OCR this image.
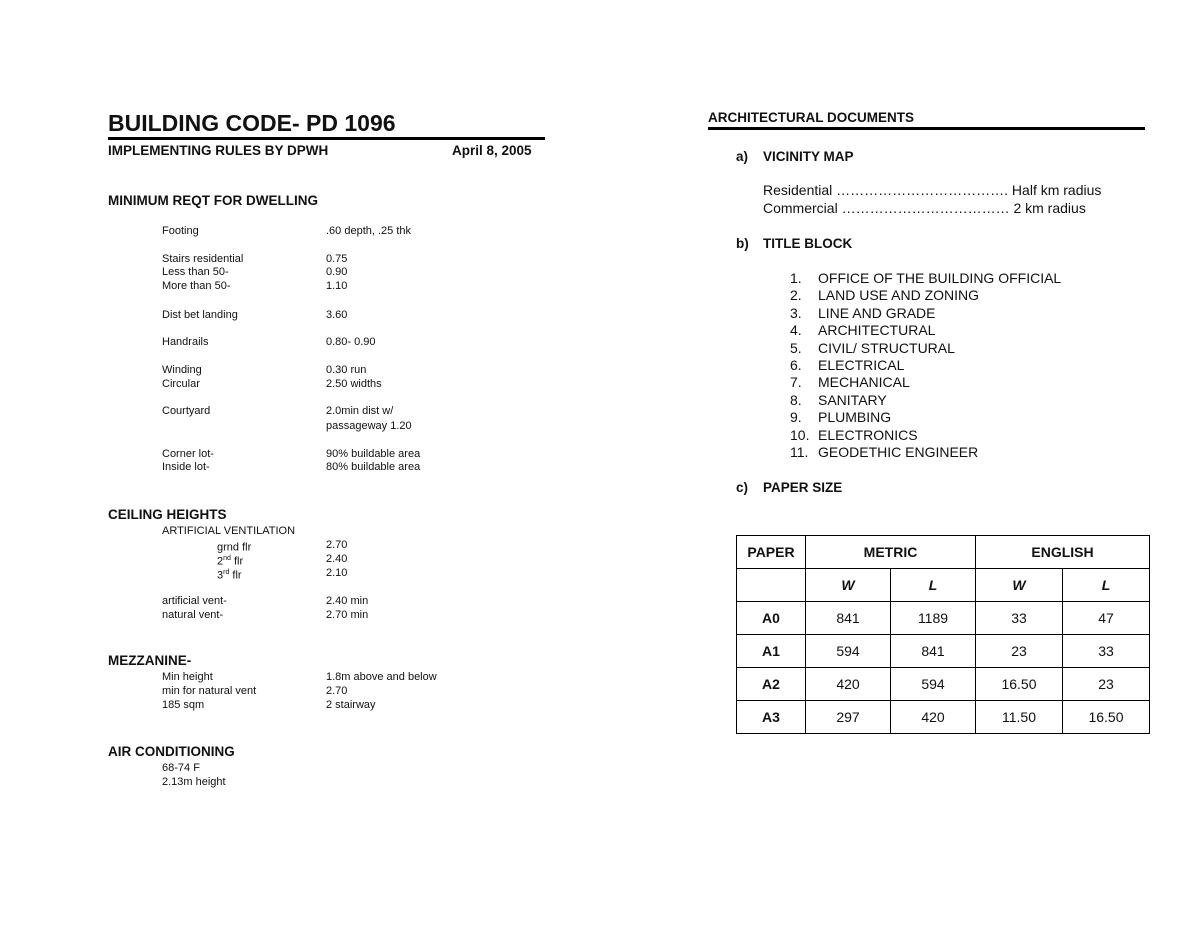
BUILDING CODE- PD 1096
IMPLEMENTING RULES BY DPWH	April 8, 2005
MINIMUM REQT FOR DWELLING
Footing	.60 depth, .25 thk
Stairs residential	0.75
Less than 50-	0.90
More than 50-	1.10
Dist bet landing	3.60
Handrails	0.80- 0.90
Winding	0.30 run
Circular	2.50 widths
Courtyard	2.0min dist w/
passageway 1.20
Corner lot-	90% buildable area
Inside lot-	80% buildable area
CEILING HEIGHTS
ARTIFICIAL VENTILATION
grnd flr	2.70
2nd flr	2.40
3rd flr	2.10
artificial vent-	2.40 min
natural vent-	2.70 min
MEZZANINE-
Min height	1.8m above and below
min for natural vent	2.70
185 sqm	2 stairway
AIR CONDITIONING
68-74 F
2.13m height
ARCHITECTURAL DOCUMENTS
a) VICINITY MAP
Residential ………………………………. Half km radius
Commercial ……………………………… 2 km radius
b) TITLE BLOCK
1. OFFICE OF THE BUILDING OFFICIAL
2. LAND USE AND ZONING
3. LINE AND GRADE
4. ARCHITECTURAL
5. CIVIL/ STRUCTURAL
6. ELECTRICAL
7. MECHANICAL
8. SANITARY
9. PLUMBING
10. ELECTRONICS
11. GEODETHIC ENGINEER
c) PAPER SIZE
PAPER	METRIC		ENGLISH	
	W	L	W	L
A0	841	1189	33	47
A1	594	841	23	33
A2	420	594	16.50	23
A3	297	420	11.50	16.50
